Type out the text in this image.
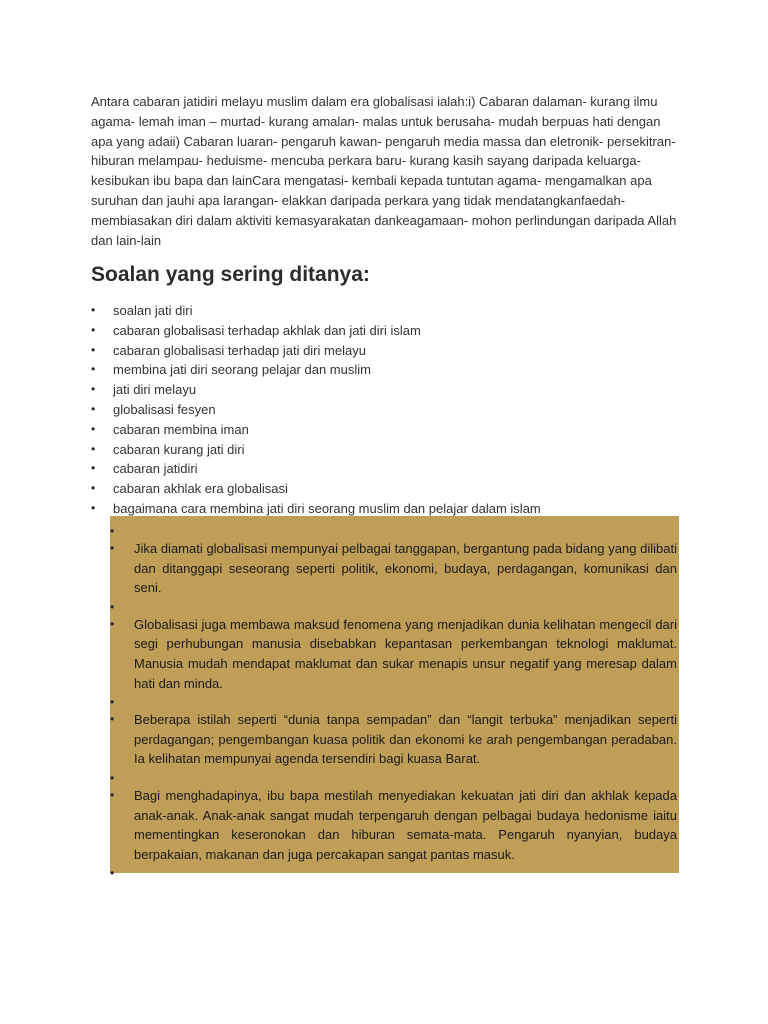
Antara cabaran jatidiri melayu muslim dalam era globalisasi ialah:i) Cabaran dalaman- kurang ilmu agama- lemah iman – murtad- kurang amalan- malas untuk berusaha- mudah berpuas hati dengan apa yang adaii) Cabaran luaran- pengaruh kawan- pengaruh media massa dan eletronik- persekitran- hiburan melampau- heduisme- mencuba perkara baru- kurang kasih sayang daripada keluarga- kesibukan ibu bapa dan lainCara mengatasi- kembali kepada tuntutan agama- mengamalkan apa suruhan dan jauhi apa larangan- elakkan daripada perkara yang tidak mendatangkanfaedah- membiasakan diri dalam aktiviti kemasyarakatan dankeagamaan- mohon perlindungan daripada Allah dan lain-lain

Soalan yang sering ditanya:
• soalan jati diri
• cabaran globalisasi terhadap akhlak dan jati diri islam
• cabaran globalisasi terhadap jati diri melayu
• membina jati diri seorang pelajar dan muslim
• jati diri melayu
• globalisasi fesyen
• cabaran membina iman
• cabaran kurang jati diri
• cabaran jatidiri
• cabaran akhlak era globalisasi
• bagaimana cara membina jati diri seorang muslim dan pelajar dalam islam
•
• Jika diamati globalisasi mempunyai pelbagai tanggapan, bergantung pada bidang yang dilibati dan ditanggapi seseorang seperti politik, ekonomi, budaya, perdagangan, komunikasi dan seni.
•
• Globalisasi juga membawa maksud fenomena yang menjadikan dunia kelihatan mengecil dari segi perhubungan manusia disebabkan kepantasan perkembangan teknologi maklumat. Manusia mudah mendapat maklumat dan sukar menapis unsur negatif yang meresap dalam hati dan minda.
•
• Beberapa istilah seperti “dunia tanpa sempadan” dan “langit terbuka” menjadikan seperti perdagangan; pengembangan kuasa politik dan ekonomi ke arah pengembangan peradaban. Ia kelihatan mempunyai agenda tersendiri bagi kuasa Barat.
•
• Bagi menghadapinya, ibu bapa mestilah menyediakan kekuatan jati diri dan akhlak kepada anak-anak. Anak-anak sangat mudah terpengaruh dengan pelbagai budaya hedonisme iaitu mementingkan keseronokan dan hiburan semata-mata. Pengaruh nyanyian, budaya berpakaian, makanan dan juga percakapan sangat pantas masuk.
•
